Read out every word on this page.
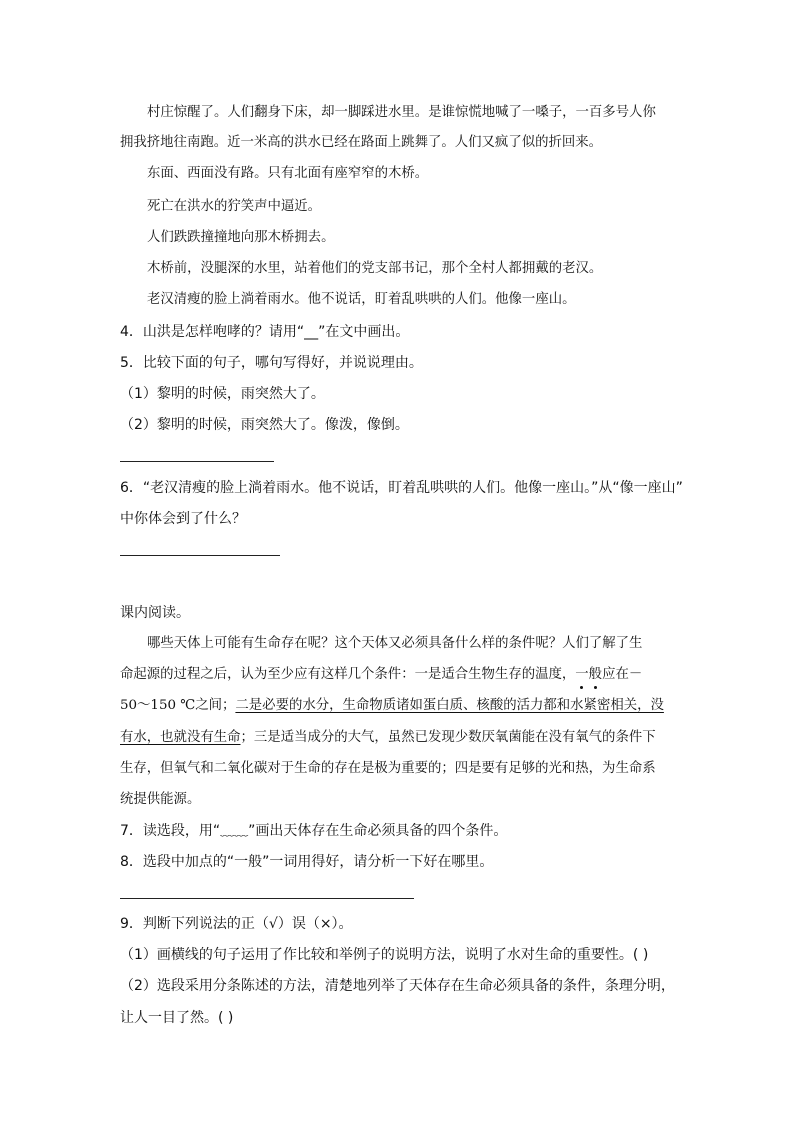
村庄惊醒了。人们翻身下床，却一脚踩进水里。是谁惊慌地喊了一嗓子，一百多号人你
拥我挤地往南跑。近一米高的洪水已经在路面上跳舞了。人们又疯了似的折回来。
东面、西面没有路。只有北面有座窄窄的木桥。
死亡在洪水的狞笑声中逼近。
人们跌跌撞撞地向那木桥拥去。
木桥前，没腿深的水里，站着他们的党支部书记，那个全村人都拥戴的老汉。
老汉清瘦的脸上淌着雨水。他不说话，盯着乱哄哄的人们。他像一座山。
4．山洪是怎样咆哮的？请用“__”在文中画出。
5．比较下面的句子，哪句写得好，并说说理由。
（1）黎明的时候，雨突然大了。
（2）黎明的时候，雨突然大了。像泼，像倒。
6．“老汉清瘦的脸上淌着雨水。他不说话，盯着乱哄哄的人们。他像一座山。”从“像一座山”
中你体会到了什么？
课内阅读。
哪些天体上可能有生命存在呢？这个天体又必须具备什么样的条件呢？人们了解了生
命起源的过程之后，认为至少应有这样几个条件：一是适合生物生存的温度，一般应在－
50～150 ℃之间；二是必要的水分，生命物质诸如蛋白质、核酸的活力都和水紧密相关，没
有水，也就没有生命；三是适当成分的大气，虽然已发现少数厌氧菌能在没有氧气的条件下
生存，但氧气和二氧化碳对于生命的存在是极为重要的；四是要有足够的光和热，为生命系
统提供能源。
7．读选段，用“﹏﹏”画出天体存在生命必须具备的四个条件。
8．选段中加点的“一般”一词用得好，请分析一下好在哪里。
9．判断下列说法的正（√）误（×）。
（1）画横线的句子运用了作比较和举例子的说明方法，说明了水对生命的重要性。( )
（2）选段采用分条陈述的方法，清楚地列举了天体存在生命必须具备的条件，条理分明，
让人一目了然。( )
